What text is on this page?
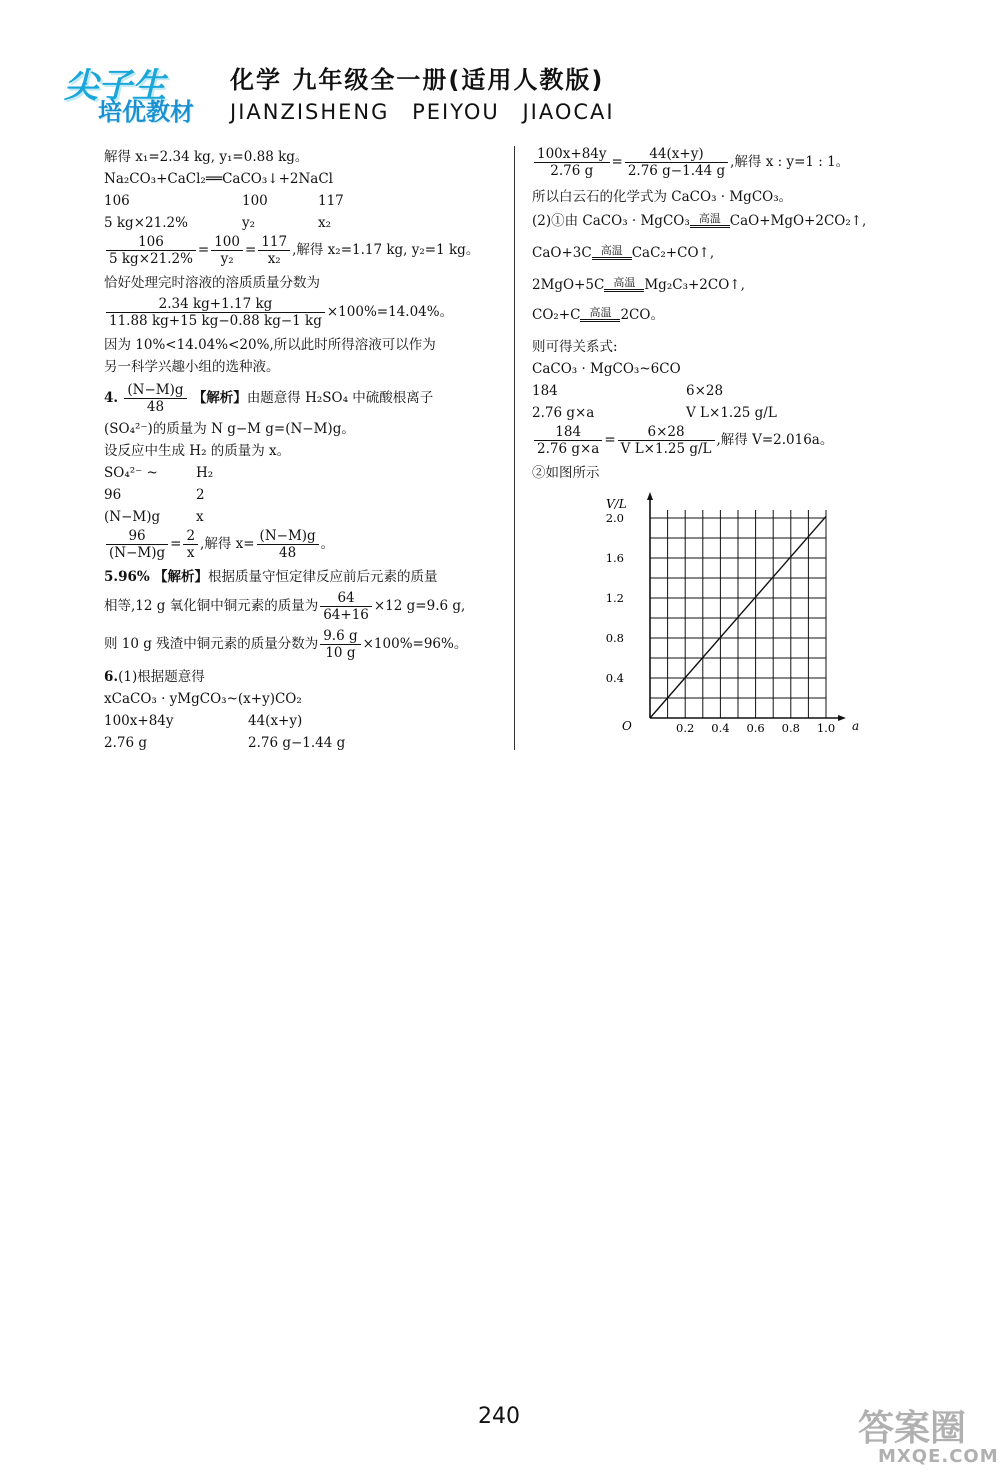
尖子生
培优教材
化学 九年级全一册(适用人教版)
JIANZISHENG PEIYOU JIAOCAI
解得 x₁=2.34 kg, y₁=0.88 kg。
Na₂CO₃+CaCl₂══CaCO₃↓+2NaCl
106	100	117
5 kg×21.2%	y₂	x₂
$\frac{106}{5 kg\times 21.2\%} = \frac{100}{\text{y₂}} = \frac{117}{\text{x₂}}$ ,解得 x₂=1.17 kg, y₂=1 kg。
恰好处理完时溶液的溶质质量分数为
$\frac{2.34 kg+1.17 kg}{11.88 kg+15 kg-0.88 kg-1 kg} \times 100\%=14.04\%$。
因为 10%<14.04%<20%,所以此时所得溶液可以作为
另一科学兴趣小组的选种液。
4. $\frac{(N-M)g}{48}$ 【解析】由题意得 H₂SO₄ 中硫酸根离子
(SO₄²⁻)的质量为 N g−M g=(N−M)g。
设反应中生成 H₂ 的质量为 x。
SO₄²⁻ ~	H₂
96	2
(N−M)g	x
$\frac{96}{(N-M)g} = \frac{2}{x}$ ,解得 $x= \frac{(N-M)g}{48}$ 。
5.96% 【解析】根据质量守恒定律反应前后元素的质量
相等,12 g 氧化铜中铜元素的质量为 $\frac{64}{64+16} \times 12$ g=9.6 g,
则 10 g 残渣中铜元素的质量分数为 $\frac{9.6 g}{10 g} \times 100\%=96\%$。
6.(1)根据题意得
xCaCO₃ · yMgCO₃~(x+y)CO₂
100x+84y	44(x+y)
2.76 g	2.76 g−1.44 g
$\frac{100x+84y}{2.76 g} = \frac{44(x+y)}{2.76 g-1.44 g}$ ,解得 x : y=1 : 1。
所以白云石的化学式为 CaCO₃ · MgCO₃。
(2)①由 CaCO₃ · MgCO₃ 高温 CaO+MgO+2CO₂↑,
CaO+3C 高温 CaC₂+CO↑,
2MgO+5C 高温 Mg₂C₃+2CO↑,
CO₂+C 高温 2CO。
则可得关系式:
CaCO₃ · MgCO₃~6CO
184	6×28
2.76 g×a	V L×1.25 g/L
$\frac{184}{2.76 g\times a} = \frac{6\times 28}{\text{V L×1.25 g/L}}$ ,解得 V=2.016a。
②如图所示
V/L
a
O	0.2 0.4 0.6 0.8 1.0
0.4
0.8
1.2
1.6
2.0
240	答案圈
MXQE.COM
